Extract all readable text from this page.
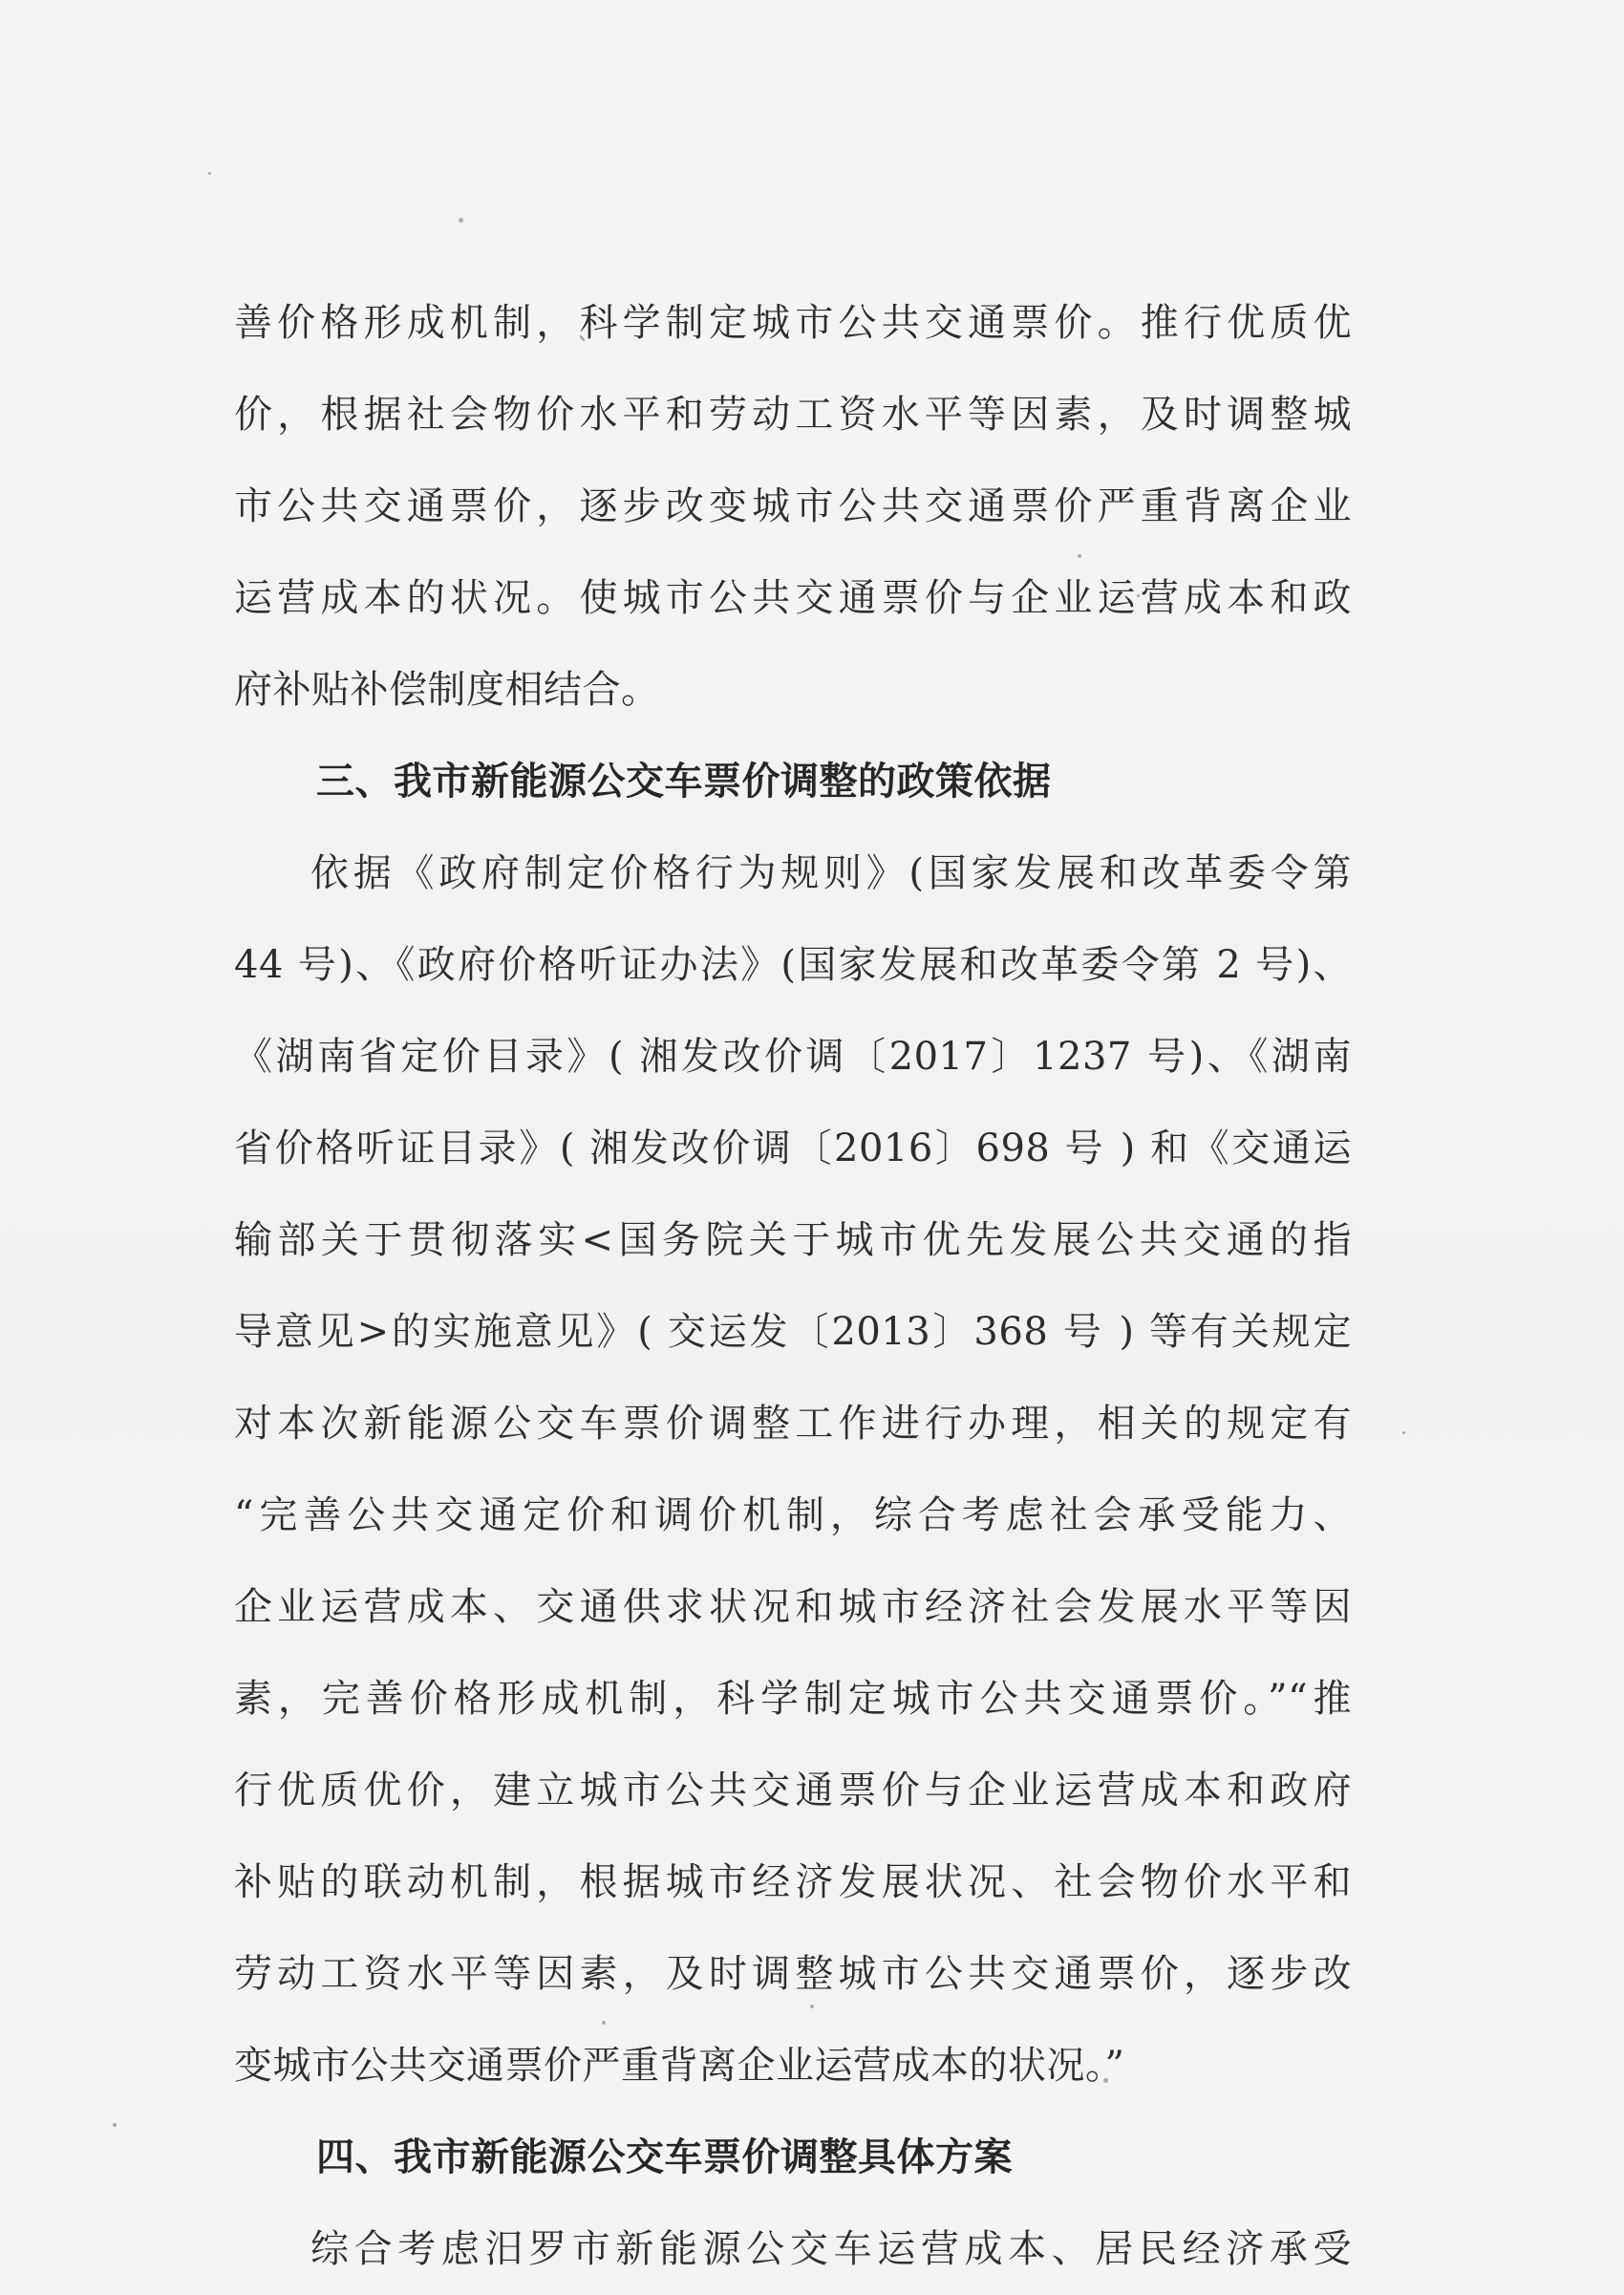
善价格形成机制，科学制定城市公共交通票价。推行优质优
价，根据社会物价水平和劳动工资水平等因素，及时调整城
市公共交通票价，逐步改变城市公共交通票价严重背离企业
运营成本的状况。使城市公共交通票价与企业运营成本和政
府补贴补偿制度相结合。
三、我市新能源公交车票价调整的政策依据
依据《政府制定价格行为规则》(国家发展和改革委令第
44 号)、《政府价格听证办法》(国家发展和改革委令第 2 号)、
《湖南省定价目录》( 湘发改价调〔2017〕1237 号)、《湖南
省价格听证目录》( 湘发改价调〔2016〕698 号 ) 和《交通运
输部关于贯彻落实<国务院关于城市优先发展公共交通的指
导意见>的实施意见》( 交运发〔2013〕368 号 ) 等有关规定
对本次新能源公交车票价调整工作进行办理，相关的规定有
“完善公共交通定价和调价机制，综合考虑社会承受能力、
企业运营成本、交通供求状况和城市经济社会发展水平等因
素，完善价格形成机制，科学制定城市公共交通票价。”“推
行优质优价，建立城市公共交通票价与企业运营成本和政府
补贴的联动机制，根据城市经济发展状况、社会物价水平和
劳动工资水平等因素，及时调整城市公共交通票价，逐步改
变城市公共交通票价严重背离企业运营成本的状况。”
四、我市新能源公交车票价调整具体方案
综合考虑汨罗市新能源公交车运营成本、居民经济承受
